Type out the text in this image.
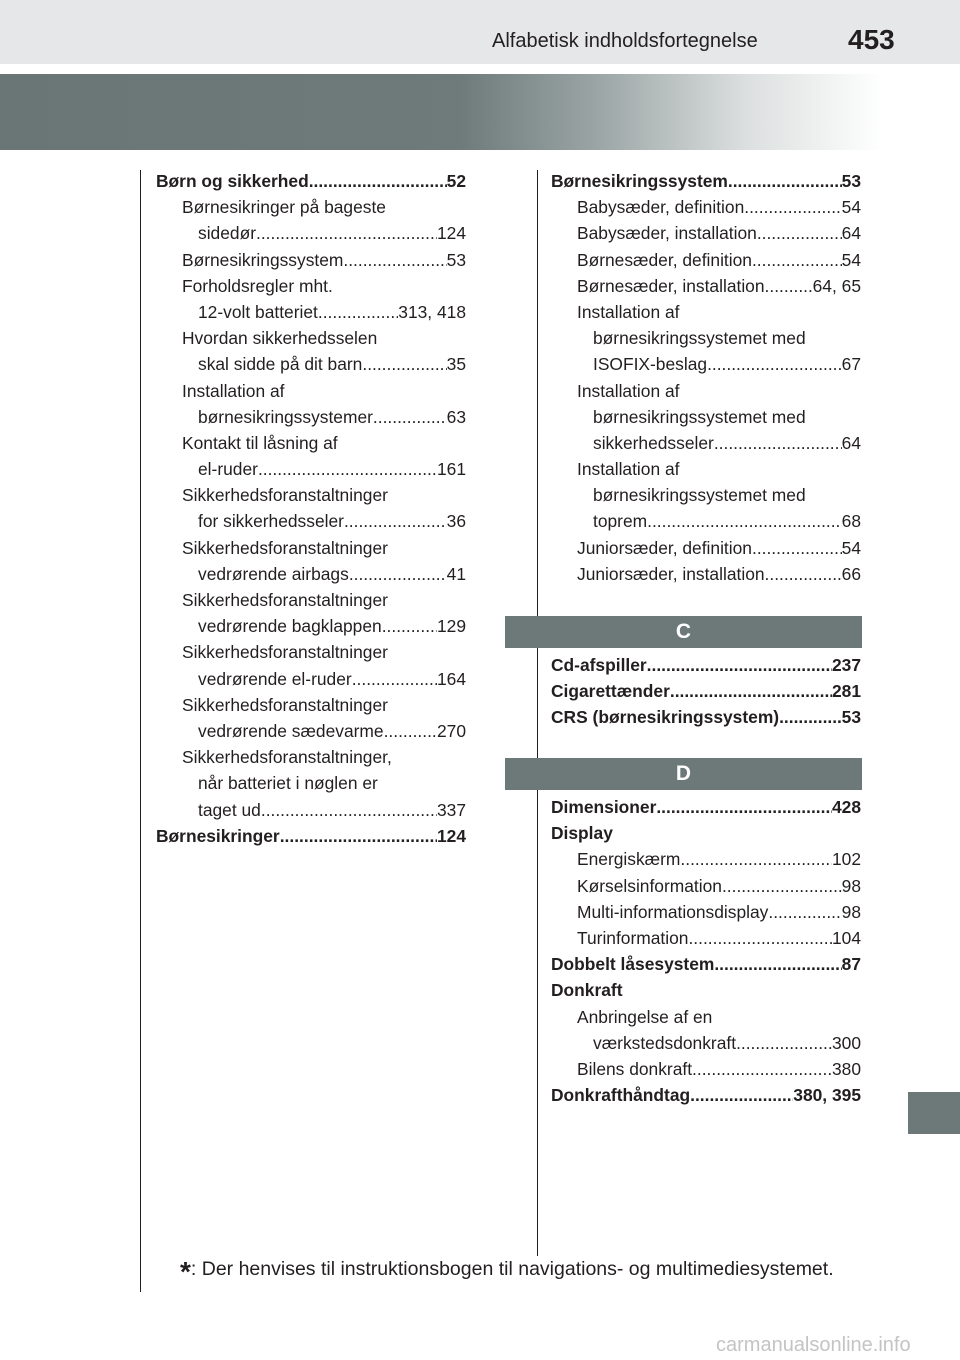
Alfabetisk indholdsfortegnelse	453
Børn og sikkerhed .....	52
Børnesikringer på bageste
sidedør .....	124
Børnesikringssystem .....	53
Forholdsregler mht.
12-volt batteriet .....	313, 418
Hvordan sikkerhedsselen
skal sidde på dit barn .....	35
Installation af
børnesikringssystemer .....	63
Kontakt til låsning af
el-ruder .....	161
Sikkerhedsforanstaltninger
for sikkerhedsseler .....	36
Sikkerhedsforanstaltninger
vedrørende airbags .....	41
Sikkerhedsforanstaltninger
vedrørende bagklappen .....	129
Sikkerhedsforanstaltninger
vedrørende el-ruder .....	164
Sikkerhedsforanstaltninger
vedrørende sædevarme .....	270
Sikkerhedsforanstaltninger,
når batteriet i nøglen er
taget ud .....	337
Børnesikringer .....	124
Børnesikringssystem .....	53
Babysæder, definition .....	54
Babysæder, installation .....	64
Børnesæder, definition .....	54
Børnesæder, installation .....	64, 65
Installation af
børnesikringssystemet med
ISOFIX-beslag .....	67
Installation af
børnesikringssystemet med
sikkerhedsseler .....	64
Installation af
børnesikringssystemet med
toprem .....	68
Juniorsæder, definition .....	54
Juniorsæder, installation .....	66
C
Cd-afspiller .....	237
Cigarettænder .....	281
CRS (børnesikringssystem) .....	53
D
Dimensioner .....	428
Display
Energiskærm .....	102
Kørselsinformation .....	98
Multi-informationsdisplay .....	98
Turinformation .....	104
Dobbelt låsesystem .....	87
Donkraft
Anbringelse af en
værkstedsdonkraft .....	300
Bilens donkraft .....	380
Donkrafthåndtag .....	380, 395
*: Der henvises til instruktionsbogen til navigations- og multimediesystemet.
carmanualsonline.info
